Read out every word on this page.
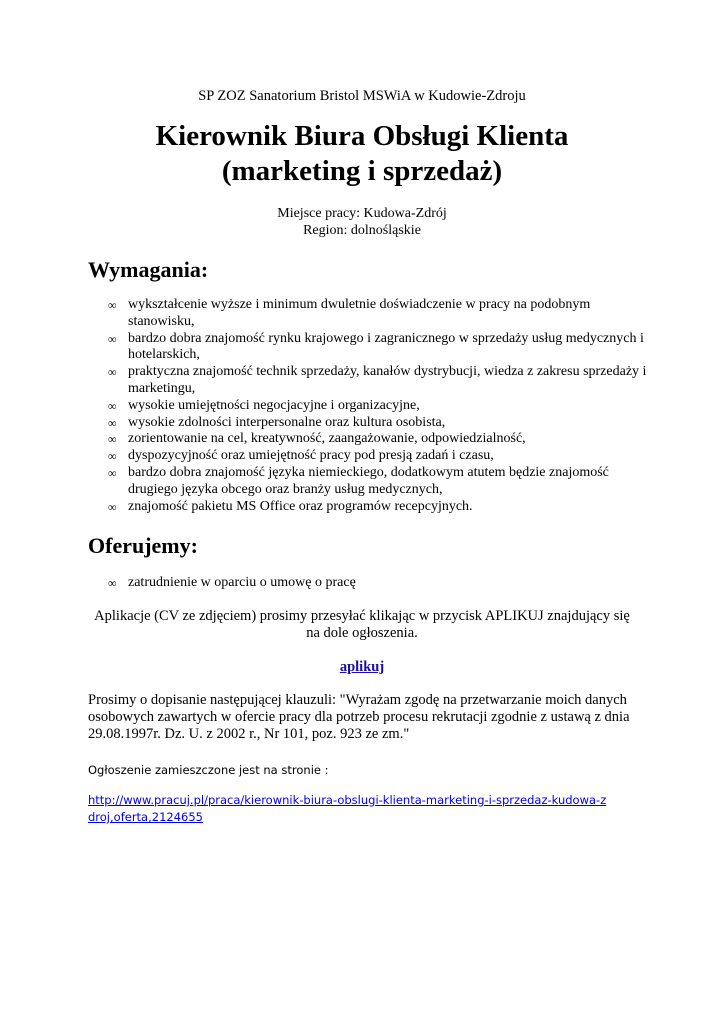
SP ZOZ Sanatorium Bristol MSWiA w Kudowie-Zdroju
Kierownik Biura Obsługi Klienta
(marketing i sprzedaż)
Miejsce pracy: Kudowa-Zdrój
Region: dolnośląskie
Wymagania:
∞ wykształcenie wyższe i minimum dwuletnie doświadczenie w pracy na podobnym stanowisku,
∞ bardzo dobra znajomość rynku krajowego i zagranicznego w sprzedaży usług medycznych i hotelarskich,
∞ praktyczna znajomość technik sprzedaży, kanałów dystrybucji, wiedza z zakresu sprzedaży i marketingu,
∞ wysokie umiejętności negocjacyjne i organizacyjne,
∞ wysokie zdolności interpersonalne oraz kultura osobista,
∞ zorientowanie na cel, kreatywność, zaangażowanie, odpowiedzialność,
∞ dyspozycyjność oraz umiejętność pracy pod presją zadań i czasu,
∞ bardzo dobra znajomość języka niemieckiego, dodatkowym atutem będzie znajomość drugiego języka obcego oraz branży usług medycznych,
∞ znajomość pakietu MS Office oraz programów recepcyjnych.
Oferujemy:
∞ zatrudnienie w oparciu o umowę o pracę
Aplikacje (CV ze zdjęciem) prosimy przesyłać klikając w przycisk APLIKUJ znajdujący się na dole ogłoszenia.
aplikuj
Prosimy o dopisanie następującej klauzuli: "Wyrażam zgodę na przetwarzanie moich danych osobowych zawartych w ofercie pracy dla potrzeb procesu rekrutacji zgodnie z ustawą z dnia 29.08.1997r. Dz. U. z 2002 r., Nr 101, poz. 923 ze zm."
Ogłoszenie zamieszczone jest na stronie :
http://www.pracuj.pl/praca/kierownik-biura-obslugi-klienta-marketing-i-sprzedaz-kudowa-zdroj,oferta,2124655
